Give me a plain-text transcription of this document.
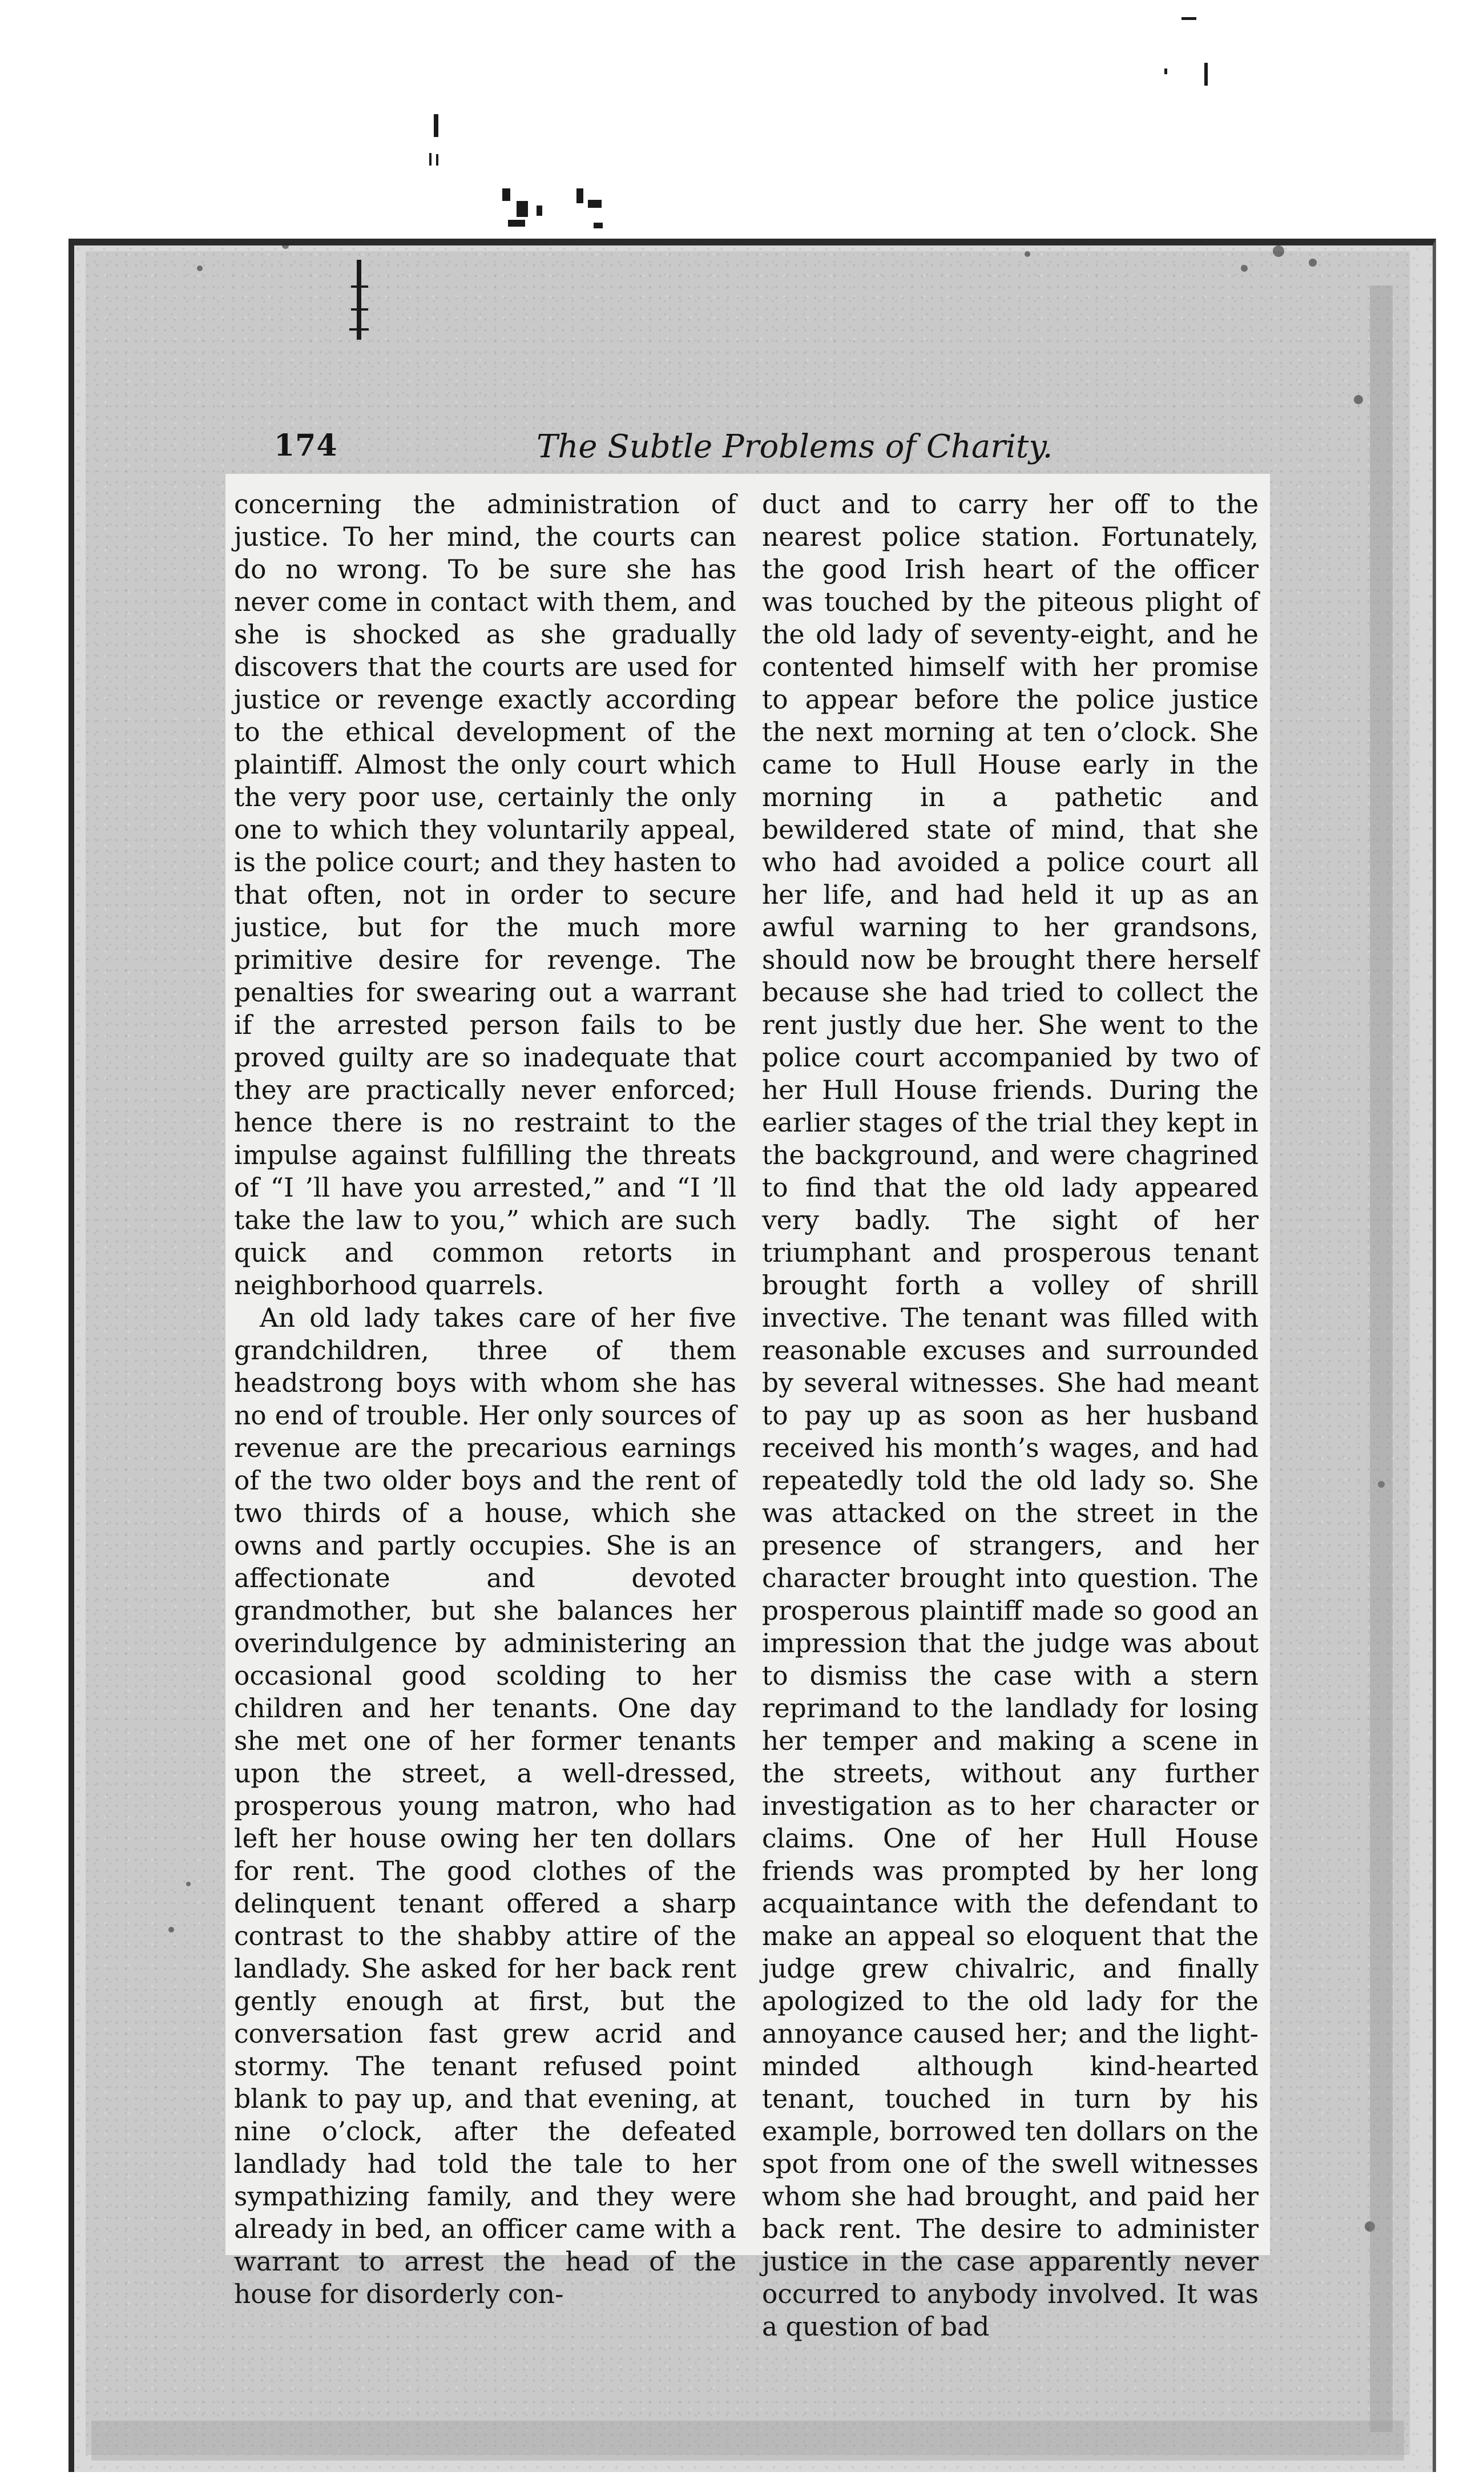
174	The Subtle Problems of Charity.

concerning the administration of justice. To her mind, the courts can do no wrong. To be sure she has never come in contact with them, and she is shocked as she gradually discovers that the courts are used for justice or revenge exactly according to the ethical development of the plaintiff. Almost the only court which the very poor use, certainly the only one to which they voluntarily appeal, is the police court; and they hasten to that often, not in order to secure justice, but for the much more primitive desire for revenge. The penalties for swearing out a warrant if the arrested person fails to be proved guilty are so inadequate that they are practically never enforced; hence there is no restraint to the impulse against fulfilling the threats of “I ’ll have you arrested,” and “I ’ll take the law to you,” which are such quick and common retorts in neighborhood quarrels.

An old lady takes care of her five grandchildren, three of them headstrong boys with whom she has no end of trouble. Her only sources of revenue are the precarious earnings of the two older boys and the rent of two thirds of a house, which she owns and partly occupies. She is an affectionate and devoted grandmother, but she balances her overindulgence by administering an occasional good scolding to her children and her tenants. One day she met one of her former tenants upon the street, a well-dressed, prosperous young matron, who had left her house owing her ten dollars for rent. The good clothes of the delinquent tenant offered a sharp contrast to the shabby attire of the landlady. She asked for her back rent gently enough at first, but the conversation fast grew acrid and stormy. The tenant refused point blank to pay up, and that evening, at nine o’clock, after the defeated landlady had told the tale to her sympathizing family, and they were already in bed, an officer came with a warrant to arrest the head of the house for disorderly con-

duct and to carry her off to the nearest police station. Fortunately, the good Irish heart of the officer was touched by the piteous plight of the old lady of seventy-eight, and he contented himself with her promise to appear before the police justice the next morning at ten o’clock. She came to Hull House early in the morning in a pathetic and bewildered state of mind, that she who had avoided a police court all her life, and had held it up as an awful warning to her grandsons, should now be brought there herself because she had tried to collect the rent justly due her. She went to the police court accompanied by two of her Hull House friends. During the earlier stages of the trial they kept in the background, and were chagrined to find that the old lady appeared very badly. The sight of her triumphant and prosperous tenant brought forth a volley of shrill invective. The tenant was filled with reasonable excuses and surrounded by several witnesses. She had meant to pay up as soon as her husband received his month’s wages, and had repeatedly told the old lady so. She was attacked on the street in the presence of strangers, and her character brought into question. The prosperous plaintiff made so good an impression that the judge was about to dismiss the case with a stern reprimand to the landlady for losing her temper and making a scene in the streets, without any further investigation as to her character or claims. One of her Hull House friends was prompted by her long acquaintance with the defendant to make an appeal so eloquent that the judge grew chivalric, and finally apologized to the old lady for the annoyance caused her; and the light-minded although kind-hearted tenant, touched in turn by his example, borrowed ten dollars on the spot from one of the swell witnesses whom she had brought, and paid her back rent. The desire to administer justice in the case apparently never occurred to anybody involved. It was a question of bad
